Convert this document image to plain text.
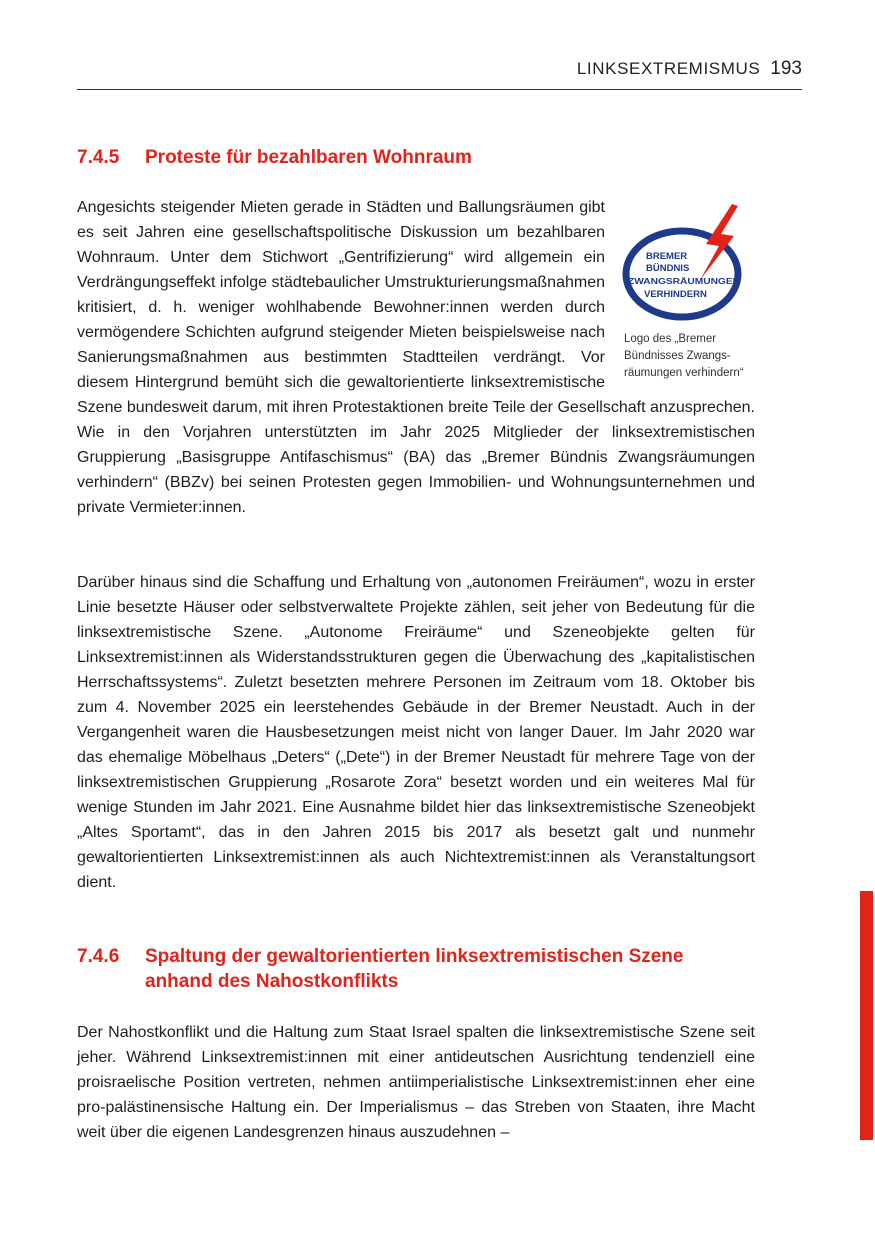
LINKSEXTREMISMUS 193
7.4.5	Proteste für bezahlbaren Wohnraum
Angesichts steigender Mieten gerade in Städten und Ballungsräumen gibt es seit Jahren eine gesellschaftspolitische Diskussion um bezahlbaren Wohnraum. Unter dem Stichwort „Gentrifizierung“ wird allgemein ein Verdrängungseffekt infolge städtebaulicher Umstrukturierungsmaßnahmen kritisiert, d. h. weniger wohlhabende Bewohner:innen werden durch vermögendere Schichten aufgrund steigender Mieten beispielsweise nach Sanierungsmaßnahmen aus bestimmten Stadtteilen verdrängt. Vor diesem Hintergrund bemüht sich die gewaltorientierte linksextremistische Szene bundesweit darum, mit ihren Protestaktionen breite Teile der Gesellschaft anzusprechen. Wie in den Vorjahren unterstützten im Jahr 2025 Mitglieder der linksextremistischen Gruppierung „Basisgruppe Antifaschismus“ (BA) das „Bremer Bündnis Zwangsräumungen verhindern“ (BBZv) bei seinen Protesten gegen Immobilien- und Wohnungsunternehmen und private Vermieter:innen.
BREMER
BÜNDNIS
ZWANGSRÄUMUNGEN
VERHINDERN

Logo des „Bremer Bündnisses Zwangsräumungen verhindern“

Darüber hinaus sind die Schaffung und Erhaltung von „autonomen Freiräumen“, wozu in erster Linie besetzte Häuser oder selbstverwaltete Projekte zählen, seit jeher von Bedeutung für die linksextremistische Szene. „Autonome Freiräume“ und Szeneobjekte gelten für Linksextremist:innen als Widerstandsstrukturen gegen die Überwachung des „kapitalistischen Herrschaftssystems“. Zuletzt besetzten mehrere Personen im Zeitraum vom 18. Oktober bis zum 4. November 2025 ein leerstehendes Gebäude in der Bremer Neustadt. Auch in der Vergangenheit waren die Hausbesetzungen meist nicht von langer Dauer. Im Jahr 2020 war das ehemalige Möbelhaus „Deters“ („Dete“) in der Bremer Neustadt für mehrere Tage von der linksextremistischen Gruppierung „Rosarote Zora“ besetzt worden und ein weiteres Mal für wenige Stunden im Jahr 2021. Eine Ausnahme bildet hier das linksextremistische Szeneobjekt „Altes Sportamt“, das in den Jahren 2015 bis 2017 als besetzt galt und nunmehr gewaltorientierten Linksextremist:innen als auch Nichtextremist:innen als Veranstaltungsort dient.

7.4.6	Spaltung der gewaltorientierten linksextremistischen Szene anhand des Nahostkonflikts

Der Nahostkonflikt und die Haltung zum Staat Israel spalten die linksextremistische Szene seit jeher. Während Linksextremist:innen mit einer antideutschen Ausrichtung tendenziell eine proisraelische Position vertreten, nehmen antiimperialistische Linksextremist:innen eher eine pro-palästinensische Haltung ein. Der Imperialismus – das Streben von Staaten, ihre Macht weit über die eigenen Landesgrenzen hinaus auszudehnen –
